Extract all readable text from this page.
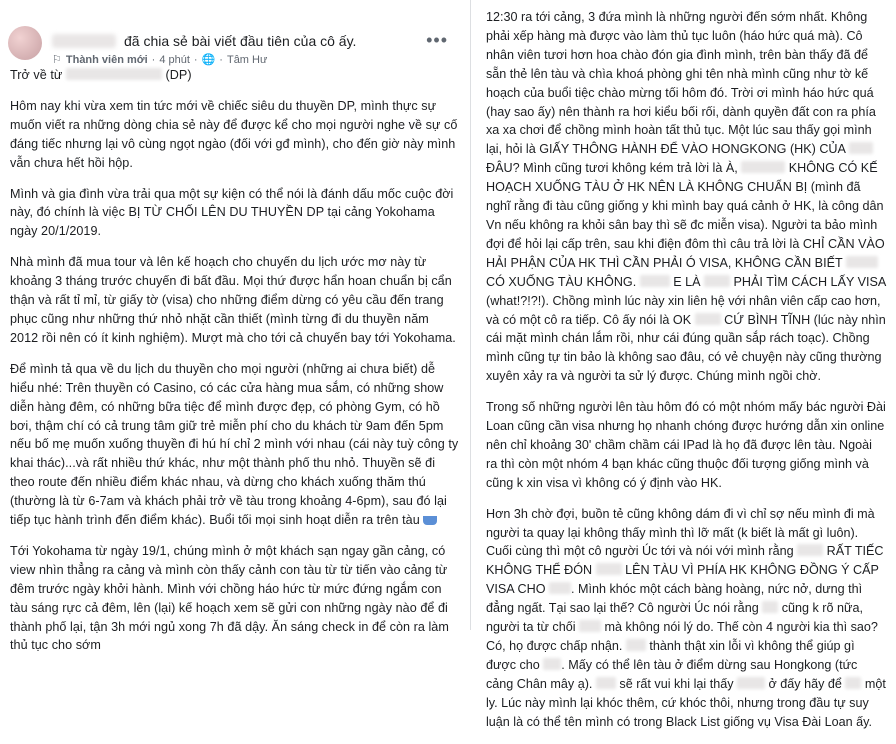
đã chia sẻ bài viết đầu tiên của cô ấy.
⚐ Thành viên mới · 4 phút · 🌐 · Tâm Hư
•••

Trở về từ	(DP)

Hôm nay khi vừa xem tin tức mới về chiếc siêu du thuyền DP, mình thực sự muốn viết ra những dòng chia sẻ này để được kể cho mọi người nghe về sự cố đáng tiếc nhưng lại vô cùng ngọt ngào (đối với gđ mình), cho đến giờ này mình vẫn chưa hết hồi hộp.

Mình và gia đình vừa trải qua một sự kiện có thể nói là đánh dấu mốc cuộc đời này, đó chính là việc BỊ TỪ CHỐI LÊN DU THUYỀN DP tại cảng Yokohama ngày 20/1/2019.

Nhà mình đã mua tour và lên kế hoạch cho chuyến du lịch ước mơ này từ khoảng 3 tháng trước chuyến đi bất đầu. Mọi thứ được hẩn hoan chuẩn bị cẩn thận và rất tỉ mỉ, từ giấy tờ (visa) cho những điểm dừng có yêu cầu đến trang phục cũng như những thứ nhỏ nhặt cần thiết (mình từng đi du thuyền năm 2012 rồi nên có ít kinh nghiệm). Mượt mà cho tới cả chuyến bay tới Yokohama.

Để mình tả qua về du lịch du thuyền cho mọi người (những ai chưa biết) dễ hiểu nhé: Trên thuyền có Casino, có các cửa hàng mua sắm, có những show diễn hàng đêm, có những bữa tiệc để mình được đẹp, có phòng Gym, có hồ bơi, thậm chí có cả trung tâm giữ trẻ miễn phí cho du khách từ 9am đến 5pm nếu bố mẹ muốn xuống thuyền đi hú hí chỉ 2 mình với nhau (cái này tuỳ công ty khai thác)...và rất nhiều thứ khác, như một thành phố thu nhỏ. Thuyền sẽ đi theo route đến nhiều điểm khác nhau, và dừng cho khách xuống thăm thú (thường là từ 6-7am và khách phải trở về tàu trong khoảng 4-6pm), sau đó lại tiếp tục hành trình đến điểm khác). Buổi tối mọi sinh hoạt diễn ra trên tàu

Tới Yokohama từ ngày 19/1, chúng mình ở một khách sạn ngay gần cảng, có view nhìn thẳng ra cảng và mình còn thấy cảnh con tàu từ từ tiến vào cảng từ đêm trước ngày khởi hành. Mình với chồng háo hức từ mức đứng ngắm con tàu sáng rực cả đêm, lên (lại) kế hoạch xem sẽ gửi con những ngày nào để đi thành phố lại, tận 3h mới ngủ xong 7h đã dậy. Ăn sáng check in để còn ra làm thủ tục cho sớm

12:30 ra tới cảng, 3 đứa mình là những người đến sớm nhất. Không phải xếp hàng mà được vào làm thủ tục luôn (háo hức quá mà). Cô nhân viên tươi hơn hoa chào đón gia đình mình, trên bàn thấy đã để sẵn thẻ lên tàu và chìa khoá phòng ghi tên nhà mình cũng như tờ kế hoạch của buổi tiệc chào mừng tối hôm đó. Trời ơi mình háo hức quá (hay sao ấy) nên thành ra hơi kiểu bối rối, dành quyền đất con ra phía xa xa chơi để chồng mình hoàn tất thủ tục. Một lúc sau thấy gọi mình lại, hỏi là GIẤY THÔNG HÀNH ĐỂ VÀO HONGKONG (HK) CỦA  ĐÂU? Mình cũng tươi không kém trả lời là À,	KHÔNG CÓ KẾ HOẠCH XUỐNG TÀU Ở HK NÊN LÀ KHÔNG CHUẨN BỊ (mình đã nghĩ rằng đi tàu cũng giống y khi mình bay quá cảnh ở HK, là công dân Vn nếu không ra khỏi sân bay thì sẽ đc miễn visa). Người ta bảo mình đợi để hỏi lại cấp trên, sau khi điện đôm thì câu trả lời là CHỈ CẦN VÀO HẢI PHẬN CỦA HK THÌ CẦN PHẢI Ó VISA, KHÔNG CẦN BIẾT  CÓ XUỐNG TÀU KHÔNG.	E LÀ	PHẢI TÌM CÁCH LẤY VISA (what!?!?!). Chồng mình lúc này xin liên hệ với nhân viên cấp cao hơn, và có một cô ra tiếp. Cô ấy nói là OK	CỨ BÌNH TĨNH (lúc này nhìn cái mặt mình chán lắm rồi, như cái đúng quần sắp rách toạc). Chồng mình cũng tự tin bảo là không sao đâu, có vẻ chuyện này cũng thường xuyên xảy ra và người ta sử lý được. Chúng mình ngồi chờ.

Trong số những người lên tàu hôm đó có một nhóm mấy bác người Đài Loan cũng cần visa nhưng họ nhanh chóng được hướng dẫn xin online nên chỉ khoảng 30' chầm chầm cái IPad là họ đã được lên tàu. Ngoài ra thì còn một nhóm 4 bạn khác cũng thuộc đối tượng giống mình và cũng k xin visa vì không có ý định vào HK.

Hơn 3h chờ đợi, buồn tẻ cũng không dám đi vì chỉ sợ nếu mình đi mà người ta quay lại không thấy mình thì lỡ mất (k biết là mất gì luôn). Cuối cùng thì một cô người Úc tới và nói với mình rằng	RẤT TIẾC KHÔNG THỂ ĐÓN	LÊN TÀU VÌ PHÍA HK KHÔNG ĐỒNG Ý CẤP VISA CHO . Mình khóc một cách bàng hoàng, nức nở, dưng thì đẳng ngất. Tại sao lại thế? Cô người Úc nói rằng cũng k rõ nữa, người ta từ chối mà không nói lý do. Thế còn 4 người kia thì sao? Có, họ được chấp nhận. thành thật xin lỗi vì không thể giúp gì được cho . Mấy có thể lên tàu ở điểm dừng sau Hongkong (tức cảng Chân mây ạ). sẽ rất vui khi lại thấy	ở đấy hãy để một ly. Lúc này mình lại khóc thêm, cứ khóc thôi, nhưng trong đầu tự suy luận là có thể tên mình có trong Black List giống vụ Visa Đài Loan ấy.
